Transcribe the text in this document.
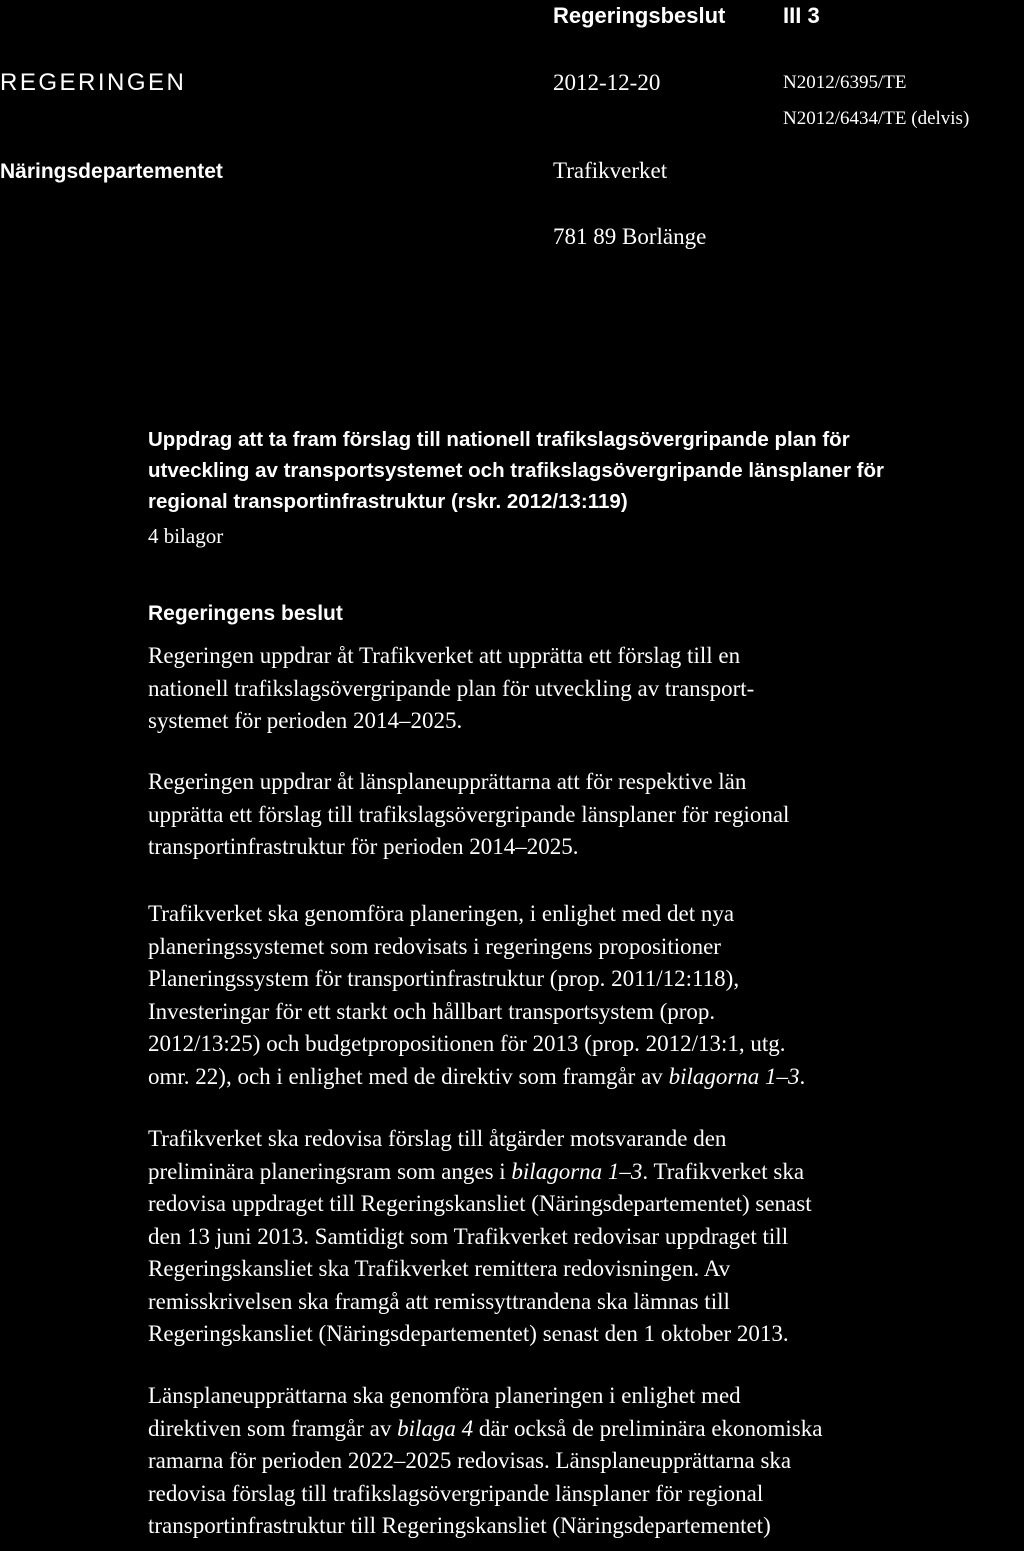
Regeringsbeslut	III 3
REGERINGEN	2012-12-20	N2012/6395/TE
N2012/6434/TE (delvis)
Näringsdepartementet	Trafikverket
781 89 Borlänge
Uppdrag att ta fram förslag till nationell trafikslagsövergripande plan för
utveckling av transportsystemet och trafikslagsövergripande länsplaner för
regional transportinfrastruktur (rskr. 2012/13:119)
4 bilagor
Regeringens beslut
Regeringen uppdrar åt Trafikverket att upprätta ett förslag till en
nationell trafikslagsövergripande plan för utveckling av transport-
systemet för perioden 2014–2025.
Regeringen uppdrar åt länsplaneupprättarna att för respektive län
upprätta ett förslag till trafikslagsövergripande länsplaner för regional
transportinfrastruktur för perioden 2014–2025.
Trafikverket ska genomföra planeringen, i enlighet med det nya
planeringssystemet som redovisats i regeringens propositioner
Planeringssystem för transportinfrastruktur (prop. 2011/12:118),
Investeringar för ett starkt och hållbart transportsystem (prop.
2012/13:25) och budgetpropositionen för 2013 (prop. 2012/13:1, utg.
omr. 22), och i enlighet med de direktiv som framgår av bilagorna 1–3.
Trafikverket ska redovisa förslag till åtgärder motsvarande den
preliminära planeringsram som anges i bilagorna 1–3. Trafikverket ska
redovisa uppdraget till Regeringskansliet (Näringsdepartementet) senast
den 13 juni 2013. Samtidigt som Trafikverket redovisar uppdraget till
Regeringskansliet ska Trafikverket remittera redovisningen. Av
remisskrivelsen ska framgå att remissyttrandena ska lämnas till
Regeringskansliet (Näringsdepartementet) senast den 1 oktober 2013.
Länsplaneupprättarna ska genomföra planeringen i enlighet med
direktiven som framgår av bilaga 4 där också de preliminära ekonomiska
ramarna för perioden 2022–2025 redovisas. Länsplaneupprättarna ska
redovisa förslag till trafikslagsövergripande länsplaner för regional
transportinfrastruktur till Regeringskansliet (Näringsdepartementet)
